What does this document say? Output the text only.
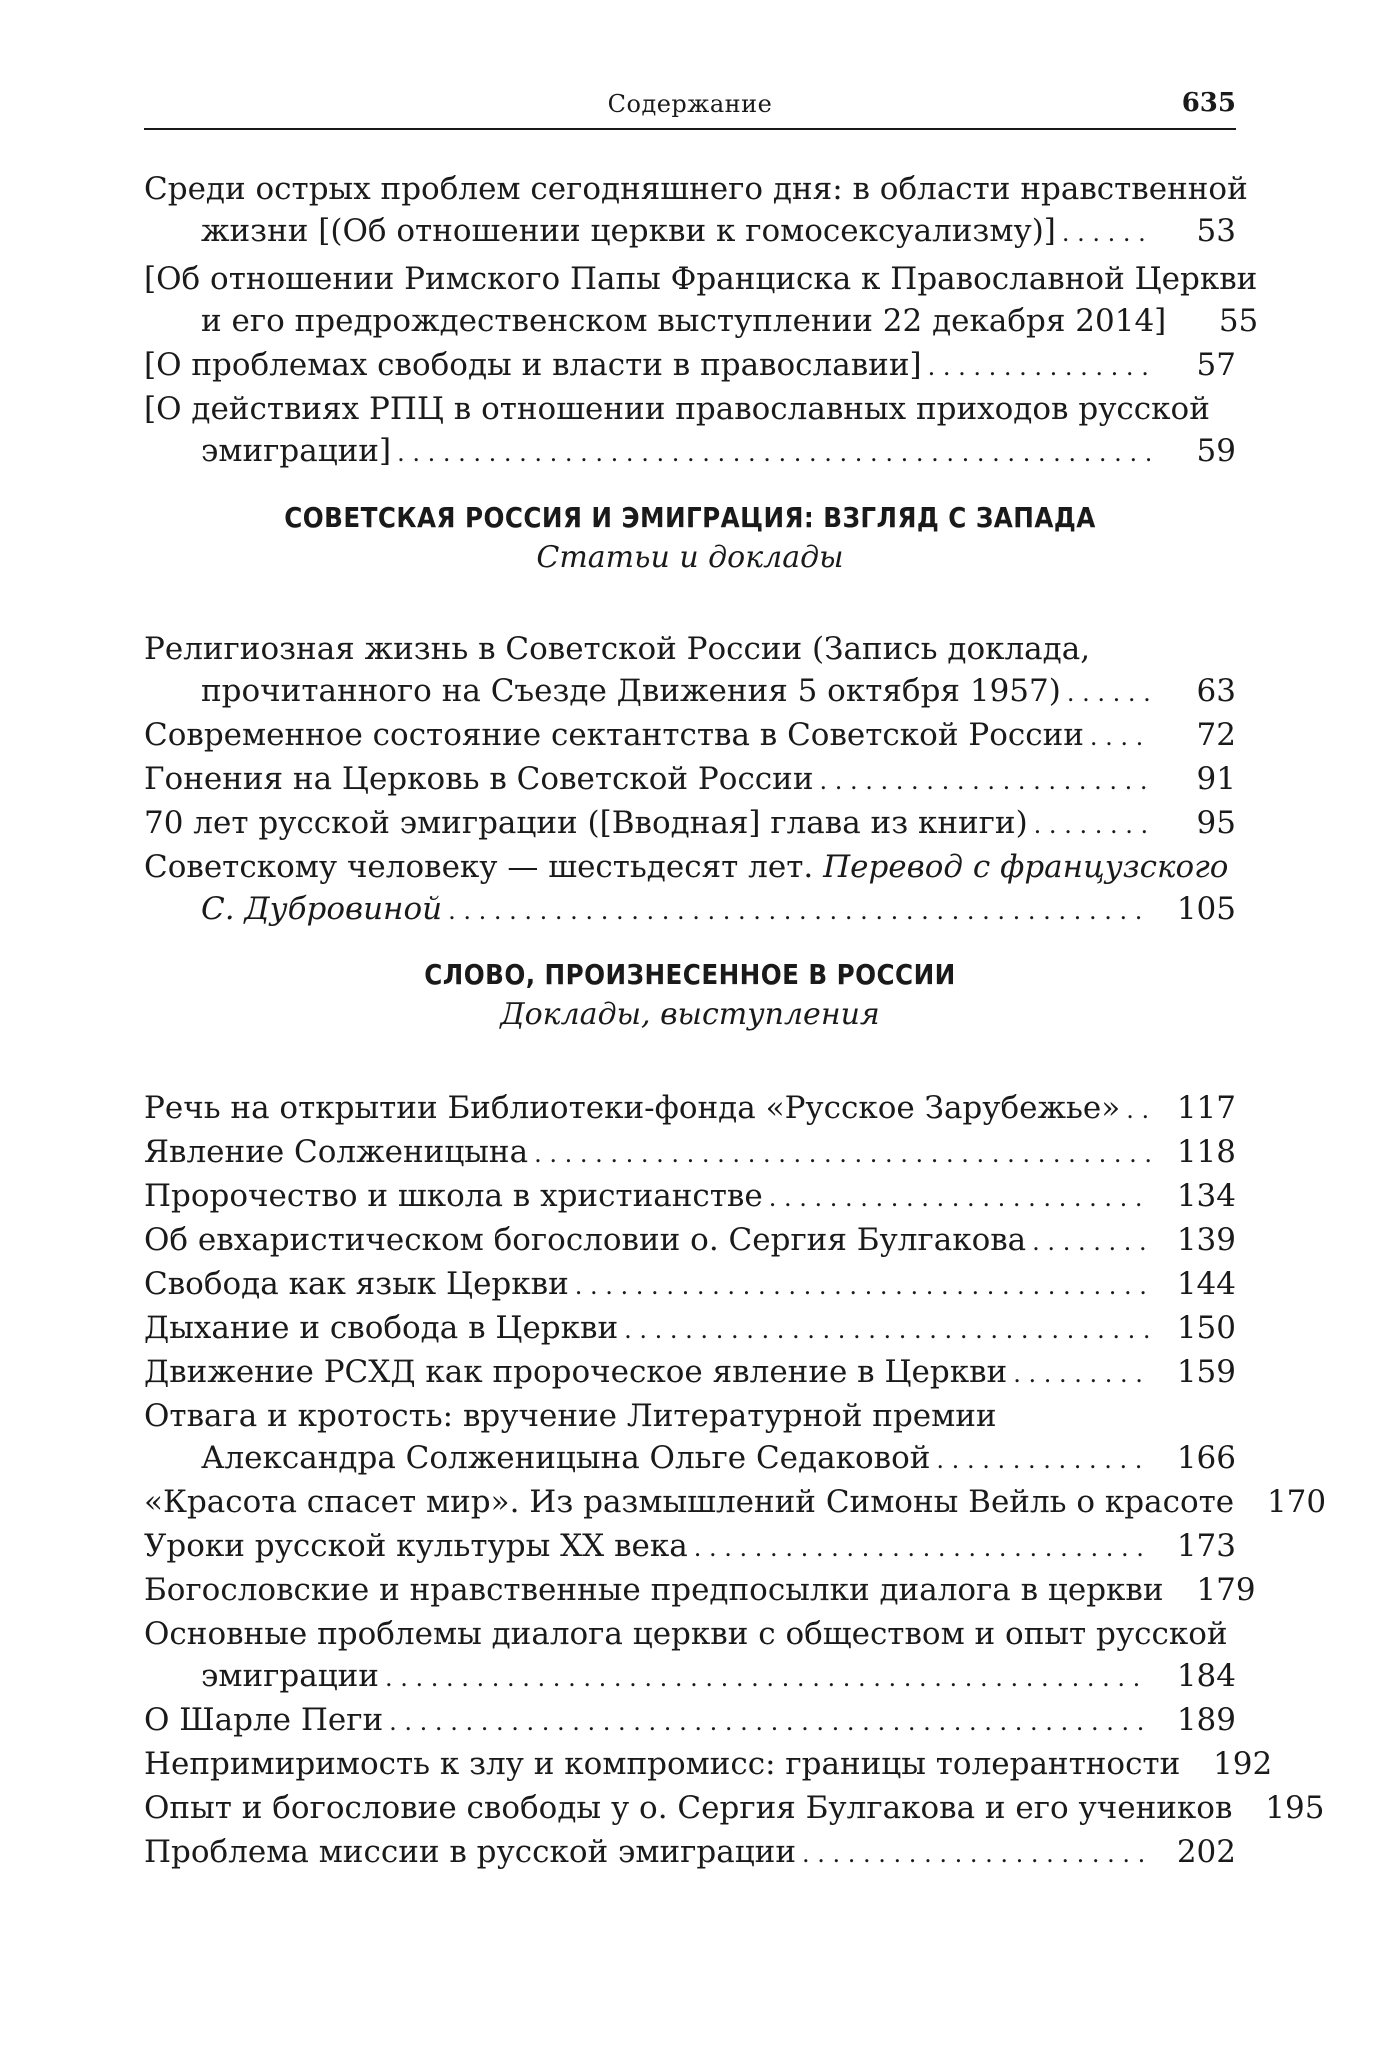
Содержание	635
Среди острых проблем сегодняшнего дня: в области нравственной
жизни [(Об отношении церкви к гомосексуализму)] . . .	53
[Об отношении Римского Папы Франциска к Православной Церкви
и его предрождественском выступлении 22 декабря 2014] . . .	55
[О проблемах свободы и власти в православии] . . .	57
[О действиях РПЦ в отношении православных приходов русской
эмиграции] . . .	59
СОВЕТСКАЯ РОССИЯ И ЭМИГРАЦИЯ: ВЗГЛЯД С ЗАПАДА
Статьи и доклады
Религиозная жизнь в Советской России (Запись доклада,
прочитанного на Съезде Движения 5 октября 1957) . . .	63
Современное состояние сектантства в Советской России . . .	72
Гонения на Церковь в Советской России . . .	91
70 лет русской эмиграции ([Вводная] глава из книги) . . .	95
Советскому человеку — шестьдесят лет. Перевод с французского
С. Дубровиной . . .	105
СЛОВО, ПРОИЗНЕСЕННОЕ В РОССИИ
Доклады, выступления
Речь на открытии Библиотеки-фонда «Русское Зарубежье» . . . 117
Явление Солженицына . . .	118
Пророчество и школа в христианстве . . .	134
Об евхаристическом богословии о. Сергия Булгакова . . .	139
Свобода как язык Церкви . . .	144
Дыхание и свобода в Церкви . . .	150
Движение РСХД как пророческое явление в Церкви . . .	159
Отвага и кротость: вручение Литературной премии
Александра Солженицына Ольге Седаковой . . .	166
«Красота спасет мир». Из размышлений Симоны Вейль о красоте . . . 170
Уроки русской культуры XX века . . .	173
Богословские и нравственные предпосылки диалога в церкви . . . 179
Основные проблемы диалога церкви с обществом и опыт русской
эмиграции . . .	184
О Шарле Пеги . . .	189
Непримиримость к злу и компромисс: границы толерантности . . . 192
Опыт и богословие свободы у о. Сергия Булгакова и его учеников . . . 195
Проблема миссии в русской эмиграции . . .	202
